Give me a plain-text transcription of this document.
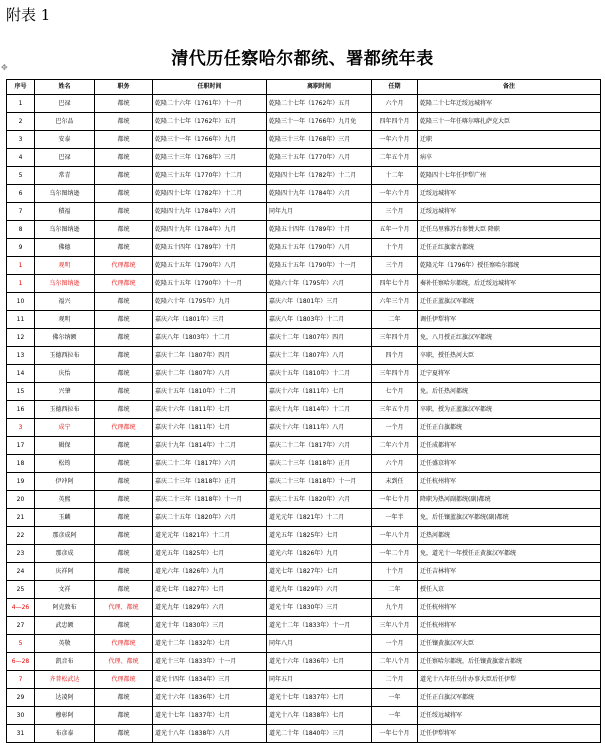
附表 1
✥	清代历任察哈尔都统、署都统年表
序号	姓名	职务	任职时间	离职时间	任期	备注
1	巴禄	都统	乾隆二十六年（1761年）十一月	乾隆二十七年（1762年）五月	六个月	乾隆二十七年迁绥远城将军
2	巴尔品	都统	乾隆二十七年（1762年）五月	乾隆三十一年（1766年）九月免	四年四个月	乾隆三十一年任喀尔喀扎萨克大臣
3	安泰	都统	乾隆三十一年（1766年）九月	乾隆三十三年（1768年）三月	一年六个月	迁职
4	巴禄	都统	乾隆三十三年（1768年）三月	乾隆三十五年（1770年）八月	二年五个月	病卒
5	常青	都统	乾隆三十五年（1770年）十二月	乾隆四十七年（1782年）十二月	十二年	乾隆四十七年任伊犁广州
6	乌尔图纳逊	都统	乾隆四十七年（1782年）十二月	乾隆四十九年（1784年）六月	一年六个月	迁绥远城将军
7	積福	都统	乾隆四十九年（1784年）六月	同年九月	三个月	迁绥远城将军
8	乌尔图纳逊	都统	乾隆四十九年（1784年）九月	乾隆五十四年（1789年）十月	五年一个月	迁任乌里雅苏台参赞大臣 降职
9	佛德	都统	乾隆五十四年（1789年）十月	乾隆五十五年（1790年）八月	十个月	迁任正红旗蒙古都统
1	观明	代理都统	乾隆五十五年（1790年）八月	乾隆五十五年（1790年）十一月	三个月	乾隆元年（1796年）授任察哈尔都统
1	乌尔图纳逊	代理都统	乾隆五十五年（1790年）十一月	乾隆六十年（1795年）六月	四年七个月	奏补任察哈尔都统，后迁绥远城将军
10	福兴	都统	乾隆六十年（1795年）九月	嘉庆六年（1801年）三月	六年三个月	迁任正蓝旗汉军都统
11	观明	都统	嘉庆六年（1801年）三月	嘉庆八年（1803年）十二月	二年	调任伊犁将军
12	佛尔纳额	都统	嘉庆八年（1803年）十二月	嘉庆十二年（1807年）四月	三年四个月	免，八月授正红旗汉军都统
13	玉德西拉布	都统	嘉庆十二年（1807年）四月	嘉庆十二年（1807年）八月	四个月	卒职，授任热河大臣
14	庆怡	都统	嘉庆十二年（1807年）八月	嘉庆十五年（1810年）十二月	三年四个月	迁宁夏将军
15	兴肇	都统	嘉庆十五年（1810年）十二月	嘉庆十六年（1811年）七月	七个月	免。后任热河都统
16	玉德西拉布	都统	嘉庆十六年（1811年）七月	嘉庆十九年（1814年）十二月	三年五个月	卒职，授为正蓝旗汉军都统
3	成宁	代理都统	嘉庆十六年（1811年）七月	嘉庆十六年（1811年）八月	一个月	迁任正白旗都统
17	辑保	都统	嘉庆十九年（1814年）十二月	嘉庆二十二年（1817年）六月	二年六个月	迁任成都将军
18	松筠	都统	嘉庆二十二年（1817年）六月	嘉庆二十三年（1818年）正月	六个月	迁任盛京将军
19	伊冲阿	都统	嘉庆二十三年（1818年）正月	嘉庆二十三年（1818年）十一月	未到任	迁任杭州将军
20	英熙	都统	嘉庆二十三年（1818年）十一月	嘉庆二十五年（1820年）六月	一年七个月	降职为热河副都统(副)都统
21	玉麟	都统	嘉庆二十五年（1820年）六月	道光元年（1821年）十二月	一年半	免，后任镶蓝旗汉军都统(副)都统
22	那彦成阿	都统	道光元年（1821年）十二月	道光五年（1825年）七月	一年八个月	迁热河都统
23	那彦成	都统	道光五年（1825年）七月	道光六年（1826年）九月	一年二个月	免，道光十一年授任正黄旗汉军都统
24	庆祥阿	都统	道光六年（1826年）九月	道光七年（1827年）七月	十个月	迁任吉林将军
25	文祥	都统	道光七年（1827年）七月	道光九年（1829年）六月	二年	授任入京
4—26	阿克敦布	代理、都统	道光九年（1829年）六月	道光十年（1830年）三月	九个月	迁任杭州将军
27	武忠额	都统	道光十年（1830年）三月	道光十二年（1833年）十一月	三年八个月	迁任杭州将军
5	英敬	代理都统	道光十二年（1832年）七月	同年八月	一个月	迁任镶黄旗汉军大臣
6—28	凯音布	代理、都统	道光十三年（1833年）十一月	道光十六年（1836年）七月	二年八个月	迁任察哈尔都统，后任镶黄旗蒙古都统
7	齐普松武达	代理都统	道光十四年（1834年）三月	同年五月	二个月	道光十八年任乌什办事大臣后任伊犁
29	达凌阿	都统	道光十六年（1836年）七月	道光十七年（1837年）七月	一年	迁任正白旗汉军都统
30	穆彰阿	都统	道光十七年（1837年）七月	道光十八年（1838年）七月	一年	迁任绥远城将军
31	布彦泰	都统	道光十八年（1838年）八月	道光二十年（1840年）三月	一年七个月	迁任伊犁将军
